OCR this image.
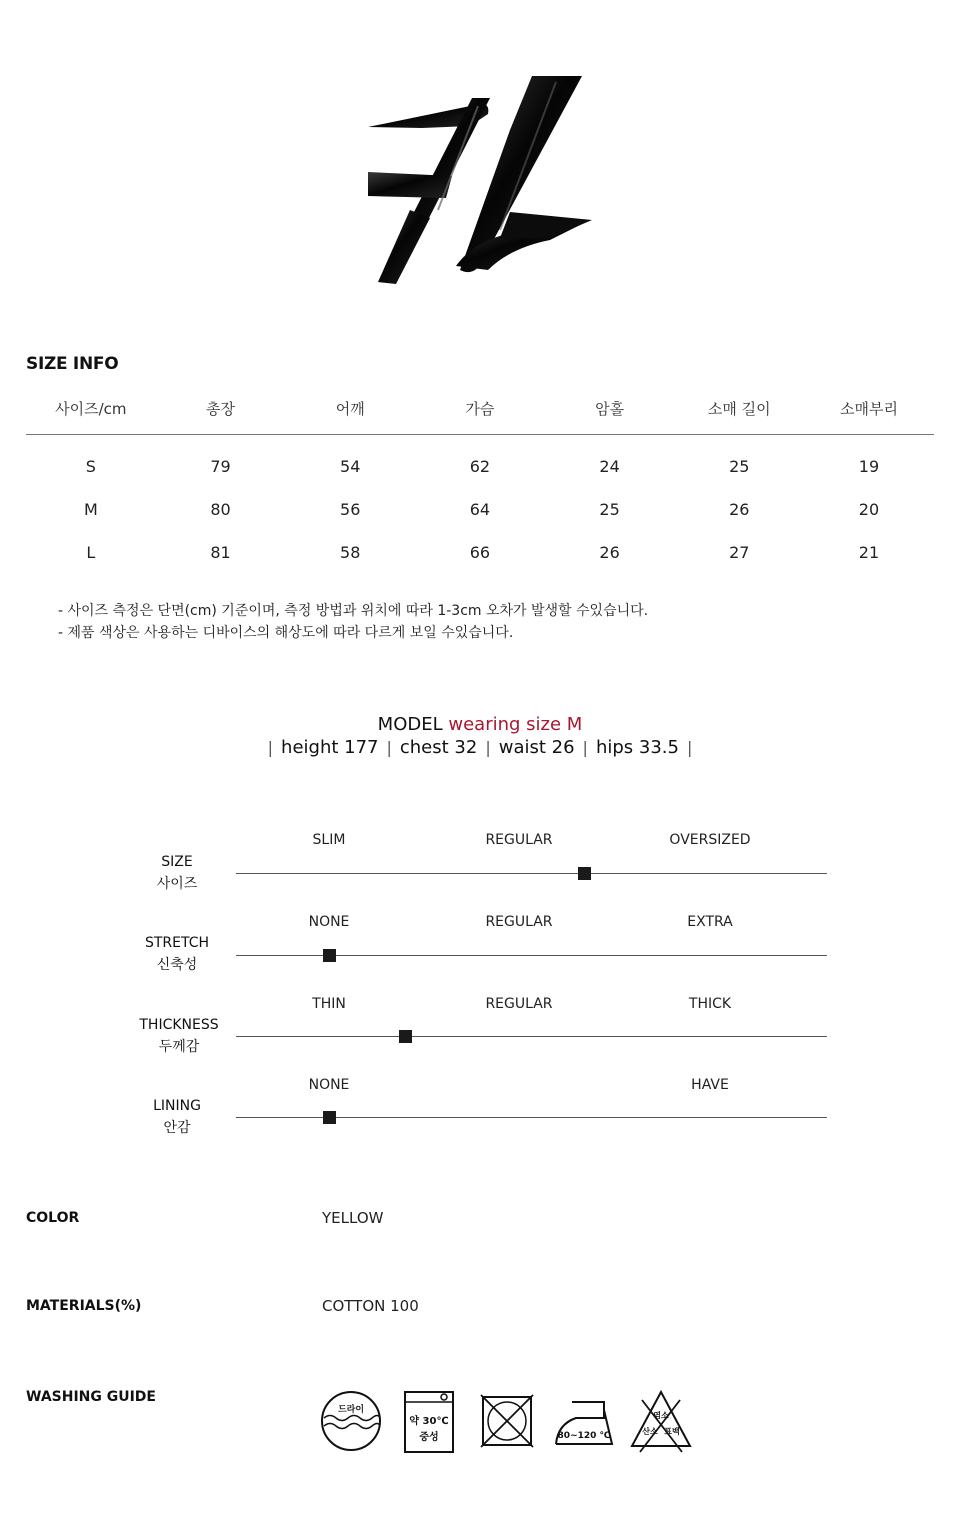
SIZE INFO
사이즈/cm	총장	어깨	가슴	암홀	소매 길이	소매부리
S	79	54	62	24	25	19
M	80	56	64	25	26	20
L	81	58	66	26	27	21
- 사이즈 측정은 단면(cm) 기준이며, 측정 방법과 위치에 따라 1-3cm 오차가 발생할 수있습니다.
- 제품 색상은 사용하는 디바이스의 해상도에 따라 다르게 보일 수있습니다.
MODEL wearing size M
| height 177 | chest 32 | waist 26 | hips 33.5 |
SIZE
사이즈
SLIM	REGULAR	OVERSIZED
STRETCH
신축성
NONE	REGULAR	EXTRA
THICKNESS
두께감
THIN	REGULAR	THICK
LINING
안감
NONE	HAVE
COLOR	YELLOW
MATERIALS(%)	COTTON 100
WASHING GUIDE
드라이
약 30℃
중성	80~120 ℃
염소
산소 표백
